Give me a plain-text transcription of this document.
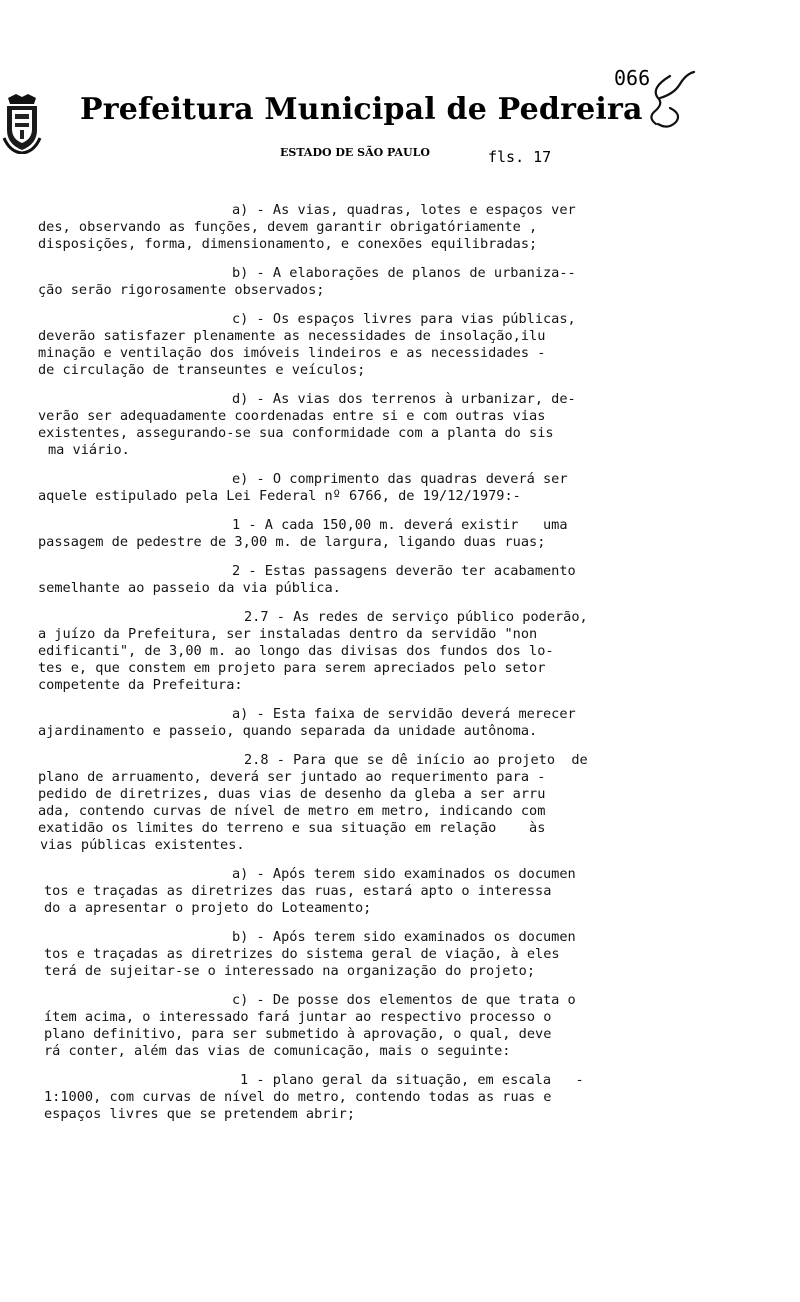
Prefeitura Municipal de Pedreira
066
ESTADO DE SÃO PAULO	fls. 17
a) - As vias, quadras, lotes e espaços ver
des, observando as funções, devem garantir obrigatóriamente ,
disposições, forma, dimensionamento, e conexões equilibradas;
b) - A elaborações de planos de urbaniza--
ção serão rigorosamente observados;
c) - Os espaços livres para vias públicas,
deverão satisfazer plenamente as necessidades de insolação,ilu
minação e ventilação dos imóveis lindeiros e as necessidades -
de circulação de transeuntes e veículos;
d) - As vias dos terrenos à urbanizar, de-
verão ser adequadamente coordenadas entre si e com outras vias
existentes, assegurando-se sua conformidade com a planta do sis
ma viário.
e) - O comprimento das quadras deverá ser
aquele estipulado pela Lei Federal nº 6766, de 19/12/1979:-
1 - A cada 150,00 m. deverá existir   uma
passagem de pedestre de 3,00 m. de largura, ligando duas ruas;
2 - Estas passagens deverão ter acabamento
semelhante ao passeio da via pública.
2.7 - As redes de serviço público poderão,
a juízo da Prefeitura, ser instaladas dentro da servidão "non
edificanti", de 3,00 m. ao longo das divisas dos fundos dos lo-
tes e, que constem em projeto para serem apreciados pelo setor
competente da Prefeitura:
a) - Esta faixa de servidão deverá merecer
ajardinamento e passeio, quando separada da unidade autônoma.
2.8 - Para que se dê início ao projeto  de
plano de arruamento, deverá ser juntado ao requerimento para -
pedido de diretrizes, duas vias de desenho da gleba a ser arru
ada, contendo curvas de nível de metro em metro, indicando com
exatidão os limites do terreno e sua situação em relação    às
vias públicas existentes.
a) - Após terem sido examinados os documen
tos e traçadas as diretrizes das ruas, estará apto o interessa
do a apresentar o projeto do Loteamento;
b) - Após terem sido examinados os documen
tos e traçadas as diretrizes do sistema geral de viação, à eles
terá de sujeitar-se o interessado na organização do projeto;
c) - De posse dos elementos de que trata o
ítem acima, o interessado fará juntar ao respectivo processo o
plano definitivo, para ser submetido à aprovação, o qual, deve
rá conter, além das vias de comunicação, mais o seguinte:
1 - plano geral da situação, em escala   -
1:1000, com curvas de nível do metro, contendo todas as ruas e
espaços livres que se pretendem abrir;
